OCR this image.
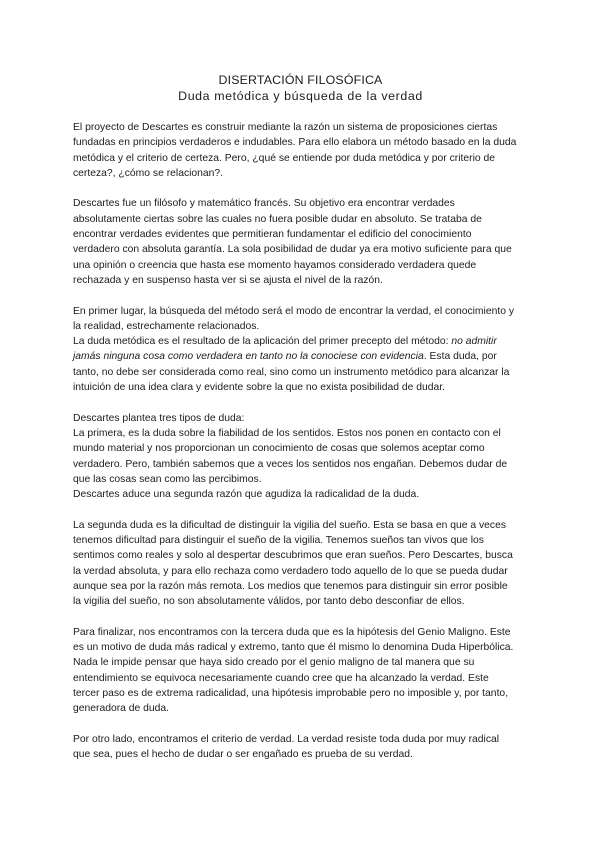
DISERTACIÓN FILOSÓFICA
Duda metódica y búsqueda de la verdad

El proyecto de Descartes es construir mediante la razón un sistema de proposiciones ciertas fundadas en principios verdaderos e indudables. Para ello elabora un método basado en la duda metódica y el criterio de certeza. Pero, ¿qué se entiende por duda metódica y por criterio de certeza?, ¿cómo se relacionan?.

Descartes fue un filósofo y matemático francés. Su objetivo era encontrar verdades absolutamente ciertas sobre las cuales no fuera posible dudar en absoluto. Se trataba de encontrar verdades evidentes que permitieran fundamentar el edificio del conocimiento verdadero con absoluta garantía. La sola posibilidad de dudar ya era motivo suficiente para que una opinión o creencia que hasta ese momento hayamos considerado verdadera quede rechazada y en suspenso hasta ver si se ajusta el nivel de la razón.

En primer lugar, la búsqueda del método será el modo de encontrar la verdad, el conocimiento y la realidad, estrechamente relacionados.

La duda metódica es el resultado de la aplicación del primer precepto del método: no admitir jamás ninguna cosa como verdadera en tanto no la conociese con evidencia. Esta duda, por tanto, no debe ser considerada como real, sino como un instrumento metódico para alcanzar la intuición de una idea clara y evidente sobre la que no exista posibilidad de dudar.

Descartes plantea tres tipos de duda:

La primera, es la duda sobre la fiabilidad de los sentidos. Estos nos ponen en contacto con el mundo material y nos proporcionan un conocimiento de cosas que solemos aceptar como verdadero. Pero, también sabemos que a veces los sentidos nos engañan. Debemos dudar de que las cosas sean como las percibimos.

Descartes aduce una segunda razón que agudiza la radicalidad de la duda.

La segunda duda es la dificultad de distinguir la vigilia del sueño. Esta se basa en que a veces tenemos dificultad para distinguir el sueño de la vigilia. Tenemos sueños tan vivos que los sentimos como reales y solo al despertar descubrimos que eran sueños. Pero Descartes, busca la verdad absoluta, y para ello rechaza como verdadero todo aquello de lo que se pueda dudar aunque sea por la razón más remota. Los medios que tenemos para distinguir sin error posible la vigilia del sueño, no son absolutamente válidos, por tanto debo desconfiar de ellos.

Para finalizar, nos encontramos con la tercera duda que es la hipótesis del Genio Maligno. Este es un motivo de duda más radical y extremo, tanto que él mismo lo denomina Duda Hiperbólica. Nada le impide pensar que haya sido creado por el genio maligno de tal manera que su entendimiento se equivoca necesariamente cuando cree que ha alcanzado la verdad. Este tercer paso es de extrema radicalidad, una hipótesis improbable pero no imposible y, por tanto, generadora de duda.

Por otro lado, encontramos el criterio de verdad. La verdad resiste toda duda por muy radical que sea, pues el hecho de dudar o ser engañado es prueba de su verdad.
